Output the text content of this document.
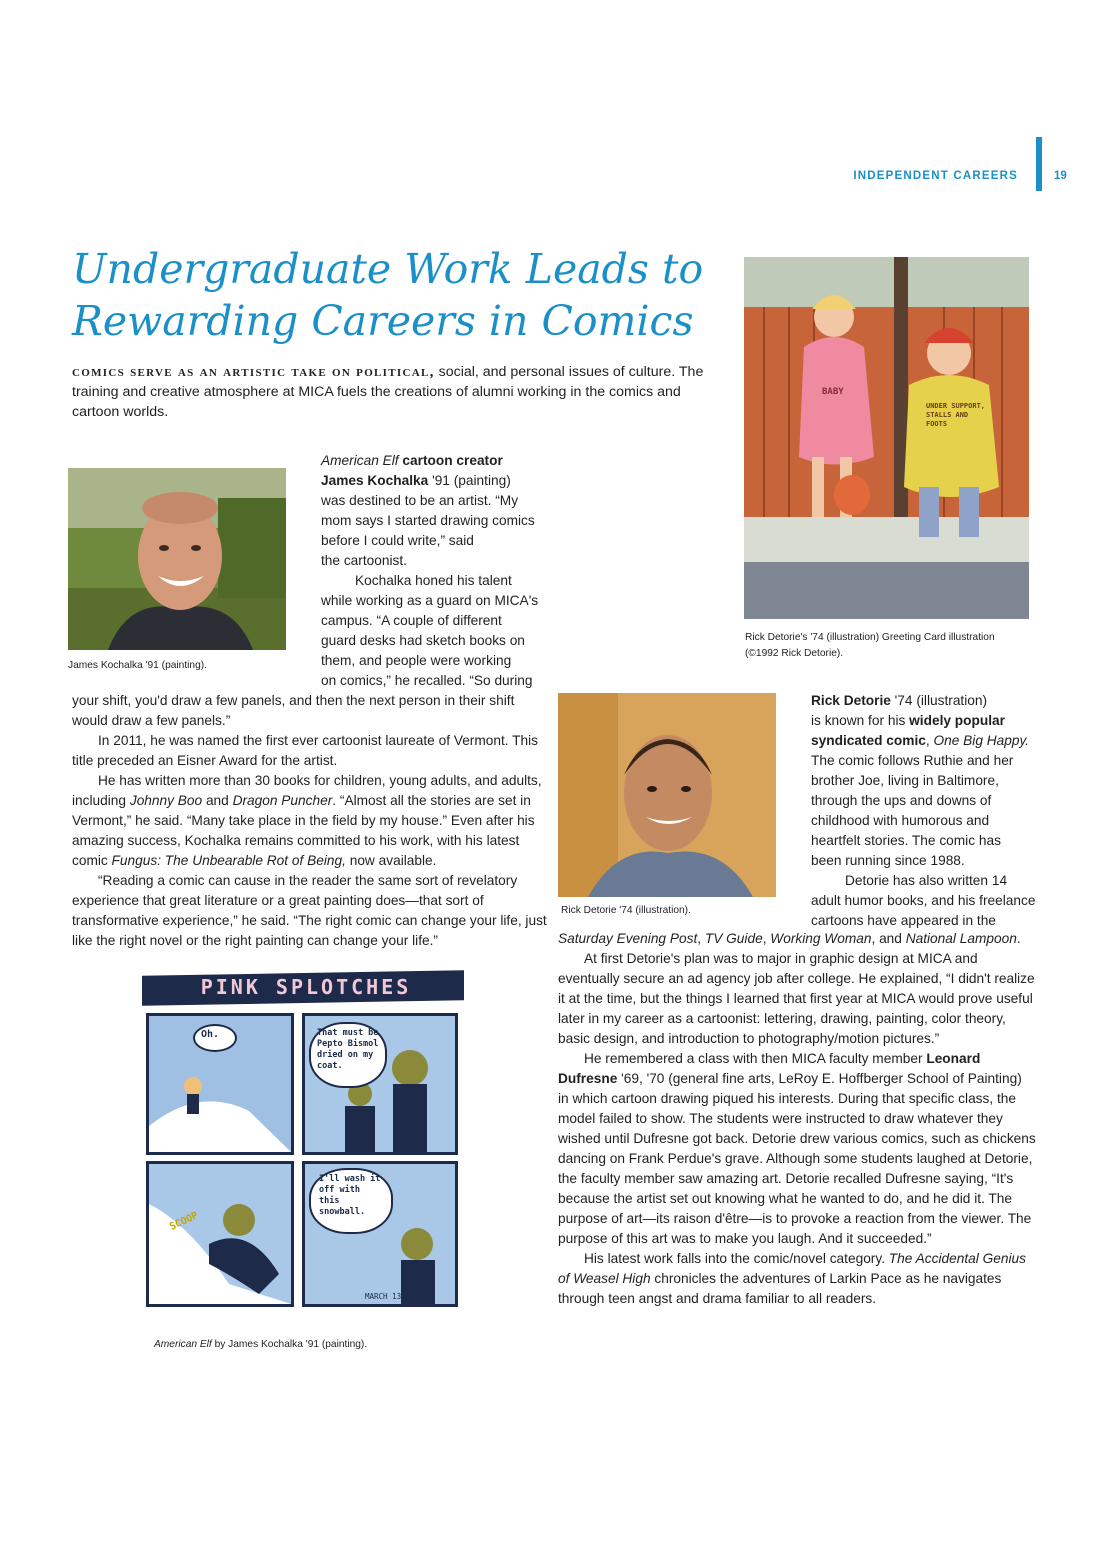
INDEPENDENT CAREERS	19
Undergraduate Work Leads to
Rewarding Careers in Comics
comics serve as an artistic take on political, social, and personal issues of culture. The training and creative atmosphere at MICA fuels the creations of alumni working in the comics and cartoon worlds.
James Kochalka '91 (painting).
American Elf cartoon creator
James Kochalka '91 (painting)
was destined to be an artist. “My
mom says I started drawing comics
before I could write,” said
the cartoonist.
Kochalka honed his talent
while working as a guard on MICA's
campus. “A couple of different
guard desks had sketch books on
them, and people were working
on comics,” he recalled. “So during

your shift, you'd draw a few panels, and then the next person in their shift would draw a few panels.”

In 2011, he was named the first ever cartoonist laureate of Vermont. This title preceded an Eisner Award for the artist.

He has written more than 30 books for children, young adults, and adults, including Johnny Boo and Dragon Puncher. “Almost all the stories are set in Vermont,” he said. “Many take place in the field by my house.” Even after his amazing success, Kochalka remains committed to his work, with his latest comic Fungus: The Unbearable Rot of Being, now available.

“Reading a comic can cause in the reader the same sort of revelatory experience that great literature or a great painting does—that sort of transformative experience,” he said. “The right comic can change your life, just like the right novel or the right painting can change your life.”

PINK SPLOTCHES
Oh.	That must be Pepto Bismol dried on my coat.
SCOOP
I'll wash it off with this snowball.
MARCH 13, 2011
American Elf by James Kochalka '91 (painting).
BABY
UNDER SUPPORT, STALLS AND FOOTS
Rick Detorie's '74 (illustration) Greeting Card illustration (©1992 Rick Detorie).
Rick Detorie '74 (illustration).
Rick Detorie '74 (illustration)
is known for his widely popular
syndicated comic, One Big Happy.
The comic follows Ruthie and her
brother Joe, living in Baltimore,
through the ups and downs of
childhood with humorous and
heartfelt stories. The comic has
been running since 1988.
Detorie has also written 14
adult humor books, and his freelance
cartoons have appeared in the

Saturday Evening Post, TV Guide, Working Woman, and National Lampoon.

At first Detorie's plan was to major in graphic design at MICA and eventually secure an ad agency job after college. He explained, “I didn't realize it at the time, but the things I learned that first year at MICA would prove useful later in my career as a cartoonist: lettering, drawing, painting, color theory, basic design, and introduction to photography/motion pictures.”

He remembered a class with then MICA faculty member Leonard Dufresne '69, '70 (general fine arts, LeRoy E. Hoffberger School of Painting) in which cartoon drawing piqued his interests. During that specific class, the model failed to show. The students were instructed to draw whatever they wished until Dufresne got back. Detorie drew various comics, such as chickens dancing on Frank Perdue's grave. Although some students laughed at Detorie, the faculty member saw amazing art. Detorie recalled Dufresne saying, “It's because the artist set out knowing what he wanted to do, and he did it. The purpose of art—its raison d'être—is to provoke a reaction from the viewer. The purpose of this art was to make you laugh. And it succeeded.”

His latest work falls into the comic/novel category. The Accidental Genius of Weasel High chronicles the adventures of Larkin Pace as he navigates through teen angst and drama familiar to all readers.
